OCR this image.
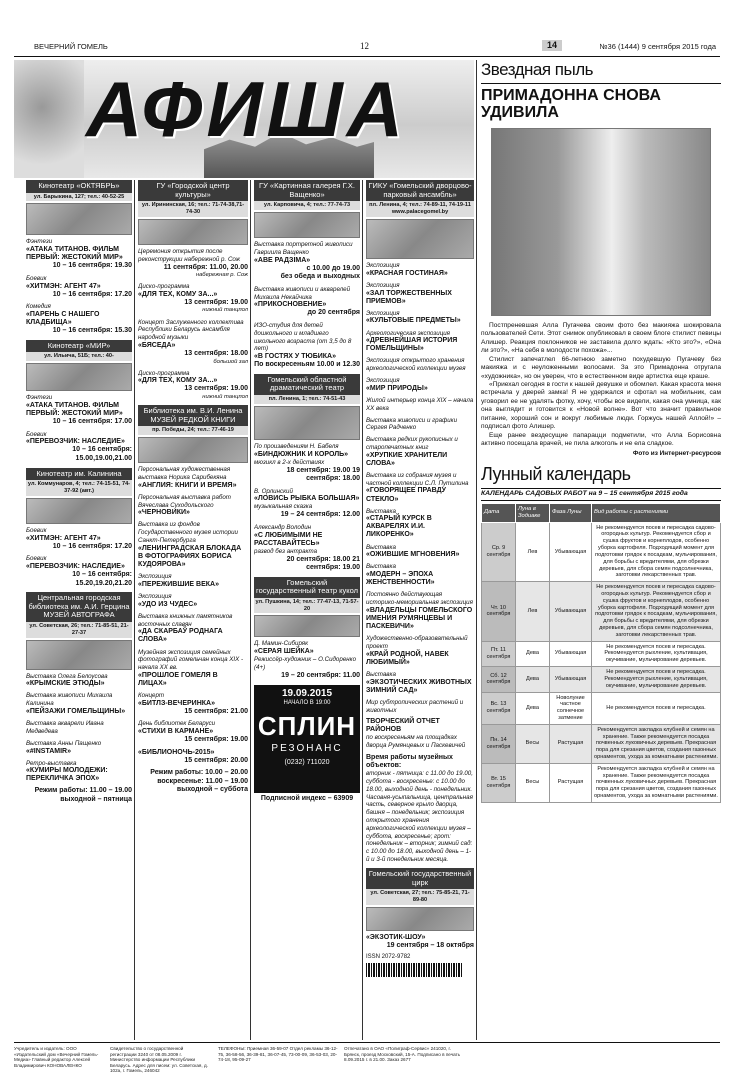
ВЕЧЕРНИЙ ГОМЕЛЬ	12	14	№36 (1444) 9 сентября 2015 года
АФИША	Звездная пыль
ПРИМАДОННА СНОВА УДИВИЛА
Постпреневшая Алла Пугачева своим фото без макияжа шокировала пользователей Сети. Этот снимок опубликовал в своем блоге стилист певицы Алишер. Реакция поклонников не заставила долго ждать: «Кто это?», «Она ли это?», «На себя в молодости похожа»...
Стилист запечатлел 66-летнюю заметно похудевшую Пугачеву без макияжа и с неуложенными волосами. За это Примадонна отругала «художника», но он уверен, что в естественном виде артистка еще краше.
«Приехал сегодня в гости к нашей девушке и обомлел. Какая красота меня встречала у дверей замка! Я не удержался и сфотал на мобильник, сам уговорил ее не удалять фотку, хочу, чтобы все видели, какая она умница, как она выглядит и готовится к «Новой волне». Вот что значит правильное питание, хороший сон и вокруг любимые люди. Горжусь нашей Аллой!» – подписал фото Алишер.
Еще ранее вездесущие папарацци подметили, что Алла Борисовна активно посещала врачей, не пила алкоголь и не ела сладкое.
Фото из Интернет-ресурсов
Лунный календарь
КАЛЕНДАРЬ САДОВЫХ РАБОТ на 9 – 15 сентября 2015 года
Дата	Луна в Зодиаке	Фаза Луны	Вид работы с растениями
Ср. 9 сентября	Лев	Убывающая	Не рекомендуется посев и пересадка садово-огородных культур. Рекомендуется сбор и сушка фруктов и корнеплодов, особенно уборка картофеля. Подходящий момент для подготовки грядок к посадкам, мульчирования, для борьбы с вредителями, для обрезки деревьев, для сбора семян подсолнечника, заготовки лекарственных трав.
Чт. 10 сентября	Лев	Убывающая	Не рекомендуется посев и пересадка садово-огородных культур. Рекомендуется сбор и сушка фруктов и корнеплодов, особенно уборка картофеля. Подходящий момент для подготовки грядок к посадкам, мульчирования, для борьбы с вредителями, для обрезки деревьев, для сбора семян подсолнечника, заготовки лекарственных трав.
Пт. 11 сентября	Дева	Убывающая	Не рекомендуется посев и пересадка. Рекомендуется рыхление, культивация, окучивание, мульчирование деревьев.
Сб. 12 сентября	Дева	Убывающая	Не рекомендуется посев и пересадка. Рекомендуется рыхление, культивация, окучивание, мульчирование деревьев.
Вс. 13 сентября	Дева	Новолуние частное солнечное затмение	Не рекомендуется посев и пересадка.
Пн. 14 сентября	Весы	Растущая	Рекомендуется закладка клубней и семян на хранение. Также рекомендуется посадка почвенных луковичных деревьев. Прекрасная пора для срезания цветов, создания газонных орнаментов, ухода за комнатными растениями.
Вт. 15 сентября	Весы	Растущая	Рекомендуется закладка клубней и семян на хранение. Также рекомендуется посадка почвенных луковичных деревьев. Прекрасная пора для срезания цветов, создания газонных орнаментов, ухода за комнатными растениями.
Кинотеатр «ОКТЯБРЬ»
ул. Барыкина, 127; тел.: 40-52-25

Фэнтези
«АТАКА ТИТАНОВ. ФИЛЬМ ПЕРВЫЙ: ЖЕСТОКИЙ МИР»

10 – 16 сентября: 19.30

Боевик
«ХИТМЭН: АГЕНТ 47»

10 – 16 сентября: 17.20

Комедия
«ПАРЕНЬ С НАШЕГО КЛАДБИЩА»

10 – 16 сентября: 15.30

Кинотеатр «МИР»
ул. Ильича, 51Б; тел.: 40-

Фэнтези
«АТАКА ТИТАНОВ. ФИЛЬМ ПЕРВЫЙ: ЖЕСТОКИЙ МИР»

10 – 16 сентября: 17.00

Боевик
«ПЕРЕВОЗЧИК: НАСЛЕДИЕ»

10 – 16 сентября: 15.00,19.00,21.00

Кинотеатр им. Калинина
ул. Коммунаров, 4; тел.: 74-15-51, 74-37-92 (авт.)

Боевик
«ХИТМЭН: АГЕНТ 47»

10 – 16 сентября: 17.20

Боевик
«ПЕРЕВОЗЧИК: НАСЛЕДИЕ»

10 – 16 сентября: 15.20,19.20,21.20

Центральная городская библиотека им. А.И. Герцина МУЗЕЙ АВТОГРАФА
ул. Советская, 26; тел.: 71-85-51, 21-27-37

Выставка Олега Белоусова
«КРЫМСКИЕ ЭТЮДЫ»

Выставка живописи Михаила Калинина
«ПЕЙЗАЖИ ГОМЕЛЬЩИНЫ»

Выставка акварели Ивана Медведева

Выставка Анны Пащенко
«#INSTAMIR»

Ретро-выставка
«КУМИРЫ МОЛОДЕЖИ: ПЕРЕКЛИЧКА ЭПОХ»

Режим работы: 11.00 – 19.00 выходной – пятница

ГУ «Городской центр культуры»
ул. Ирининская, 16; тел.: 71-74-38,71-74-30

Церемония открытия после реконструкции набережной р. Сож

11 сентября: 11.00, 20.00
набережная р. Сож

Диско-программа
«ДЛЯ ТЕХ, КОМУ ЗА...»

13 сентября: 19.00
нижний танцпол

Концерт Заслуженного коллектива Республики Беларусь ансамбля народной музыки
«БЯСЕДА»

13 сентября: 18.00
большой зал

Диско-программа
«ДЛЯ ТЕХ, КОМУ ЗА...»

13 сентября: 19.00
нижний танцпол

Библиотека им. В.И. Ленина МУЗЕЙ РЕДКОЙ КНИГИ
пр. Победы, 24; тел.: 77-46-19

Персональная художественная выставка Норика Сарибекяна
«АНГЛИЯ: КНИГИ И ВРЕМЯ»

Персональная выставка работ Вячеслава Суходольского
«ЧЕРНОВИКИ»

Выставка из фондов Государственного музея истории Санкт-Петербурга
«ЛЕНИНГРАДСКАЯ БЛОКАДА В ФОТОГРАФИЯХ БОРИСА КУДОЯРОВА»

Экспозиция
«ПЕРЕЖИВШИЕ ВЕКА»

Экспозиция
«УДО ИЗ ЧУДЕС»

Выставка книжных памятников восточных славян
«ДА СКАРБАЎ РОДНАГА СЛОВА»

Музейная экспозиция семейных фотографий гомельчан конца XIX - начала XX вв.
«ПРОШЛОЕ ГОМЕЛЯ В ЛИЦАХ»

Концерт
«БИТЛЗ-ВЕЧЕРИНКА»

15 сентября: 21.00

День библиотек Беларуси
«СТИХИ В КАРМАНЕ»

15 сентября: 19.00

«БИБЛИОНОЧЬ-2015»

15 сентября: 20.00

Режим работы: 10.00 – 20.00 воскресенье: 11.00 – 19.00 выходной – суббота

ГУ «Картинная галерея Г.Х. Ващенко»
ул. Карповича, 4; тел.: 77-74-73

Выставка портретной живописи Гавриила Ващенко
«АВЕ РАДЗІМА»

с 10.00 до 19.00
без обеда и выходных

Выставка живописи и акварелей Михаила Некайчика
«ПРИКОСНОВЕНИЕ»

до 20 сентября

ИЗО-студия для детей дошкольного и младшего школьного возраста (от 3,5 до 8 лет)
«В ГОСТЯХ У ТЮБИКА»

По воскресеньям 10.00 и 12.30

Гомельский областной драматический театр
пл. Ленина, 1; тел.: 74-51-43

По произведениям Н. Бабеля
«БИНДЮЖНИК И КОРОЛЬ»
мюзикл в 2-х действиях

18 сентября: 19.00 19 сентября: 18.00

В. Орлинский
«ЛОВИСЬ РЫБКА БОЛЬШАЯ»
музыкальная сказка

19 – 24 сентября: 12.00

Александр Володин
«С ЛЮБИМЫМИ НЕ РАССТАВАЙТЕСЬ»
развод без антракта

20 сентября: 18.00 21 сентября: 19.00

Гомельский государственный театр кукол
ул. Пушкина, 14; тел.: 77-47-13, 71-57-20

Д. Мамин-Сибиряк
«СЕРАЯ ШЕЙКА»
Режиссёр-художник – О.Сидоренко (4+)

19 – 20 сентября: 11.00

19.09.2015
НАЧАЛО В 19:00
СПЛИН
РЕЗОНАНС
(0232) 711020

Подписной индекс – 63909

ГИКУ «Гомельский дворцово-парковый ансамбль»
пл. Ленина, 4; тел.: 74-89-11, 74-19-11 www.palacegomel.by

Экспозиция
«КРАСНАЯ ГОСТИНАЯ»

Экспозиция
«ЗАЛ ТОРЖЕСТВЕННЫХ ПРИЕМОВ»

Экспозиция
«КУЛЬТОВЫЕ ПРЕДМЕТЫ»

Археологическая экспозиция
«ДРЕВНЕЙШАЯ ИСТОРИЯ ГОМЕЛЬЩИНЫ»

Экспозиция открытого хранения археологической коллекции музея

Экспозиция
«МИР ПРИРОДЫ»

Жилой интерьер конца XIX – начала XX века

Выставка живописи и графики Сергея Радченко

Выставка редких рукописных и старопечатных книг
«ХРУПКИЕ ХРАНИТЕЛИ СЛОВА»

Выставка из собрания музея и частной коллекции С.Л. Путилина
«ГОВОРЯЩЕЕ ПРАВДУ СТЕКЛО»

Выставка
«СТАРЫЙ КУРСК В АКВАРЕЛЯХ И.И. ЛИКОРЕНКО»

Выставка
«ОЖИВШИЕ МГНОВЕНИЯ»

Выставка
«МОДЕРН – ЭПОХА ЖЕНСТВЕННОСТИ»

Постоянно действующая историко-мемориальная экспозиция
«ВЛАДЕЛЬЦЫ ГОМЕЛЬСКОГО ИМЕНИЯ РУМЯНЦЕВЫ И ПАСКЕВИЧИ»

Художественно-образовательный проект
«КРАЙ РОДНОЙ, НАВЕК ЛЮБИМЫЙ»

Выставка
«ЭКЗОТИЧЕСКИХ ЖИВОТНЫХ ЗИМНИЙ САД»

Мир субтропических растений и животных

ТВОРЧЕСКИЙ ОТЧЕТ РАЙОНОВ
по воскресеньям на площадках дворца Румянцевых и Паскевичей

Время работы музейных объектов:
вторник - пятница: с 11.00 до 19.00, суббота - воскресенье: с 10.00 до 18.00, выходной день - понедельник. Часовня-усыпальница, центральная часть, северное крыло дворца, башня – понедельник; экспозиция открытого хранения археологической коллекции музея – суббота, воскресенье; грот: понедельник – вторник; зимний сад: с 10.00 до 18.00, выходной день – 1-й и 3-й понедельник месяца.

Гомельский государственный цирк
ул. Советская, 27; тел.: 75-85-21, 71-89-80

«ЭКЗОТИК-ШОУ»

19 сентября – 18 октября

ISSN 2072-9782
Учредитель и издатель: ООО «Издательский дом «Вечерний Гомель-Медиа» Главный редактор Алексей Владимирович КОНОВАЛЕНКО
Свидетельство о государственной регистрации 3240 от 08.05.2009 г. Министерство информации Республики Беларусь. Адрес для писем: ул. Советская, д. 102а, г. Гомель, 246042
ТЕЛЕФОНЫ: Приемная 36-59-07 Отдел рекламы 36-12-75, 36-58-56, 36-39-81, 36-07-45, 73-00-09, 36-53-03, 20-74-18, 95-09-27
Отпечатано в ОАО «Полиграф-Сервис» 241020, г. Брянск, проезд Московский, 15-А. Подписано в печать 8.09.2015 г. в 21.00. Заказ 2677
